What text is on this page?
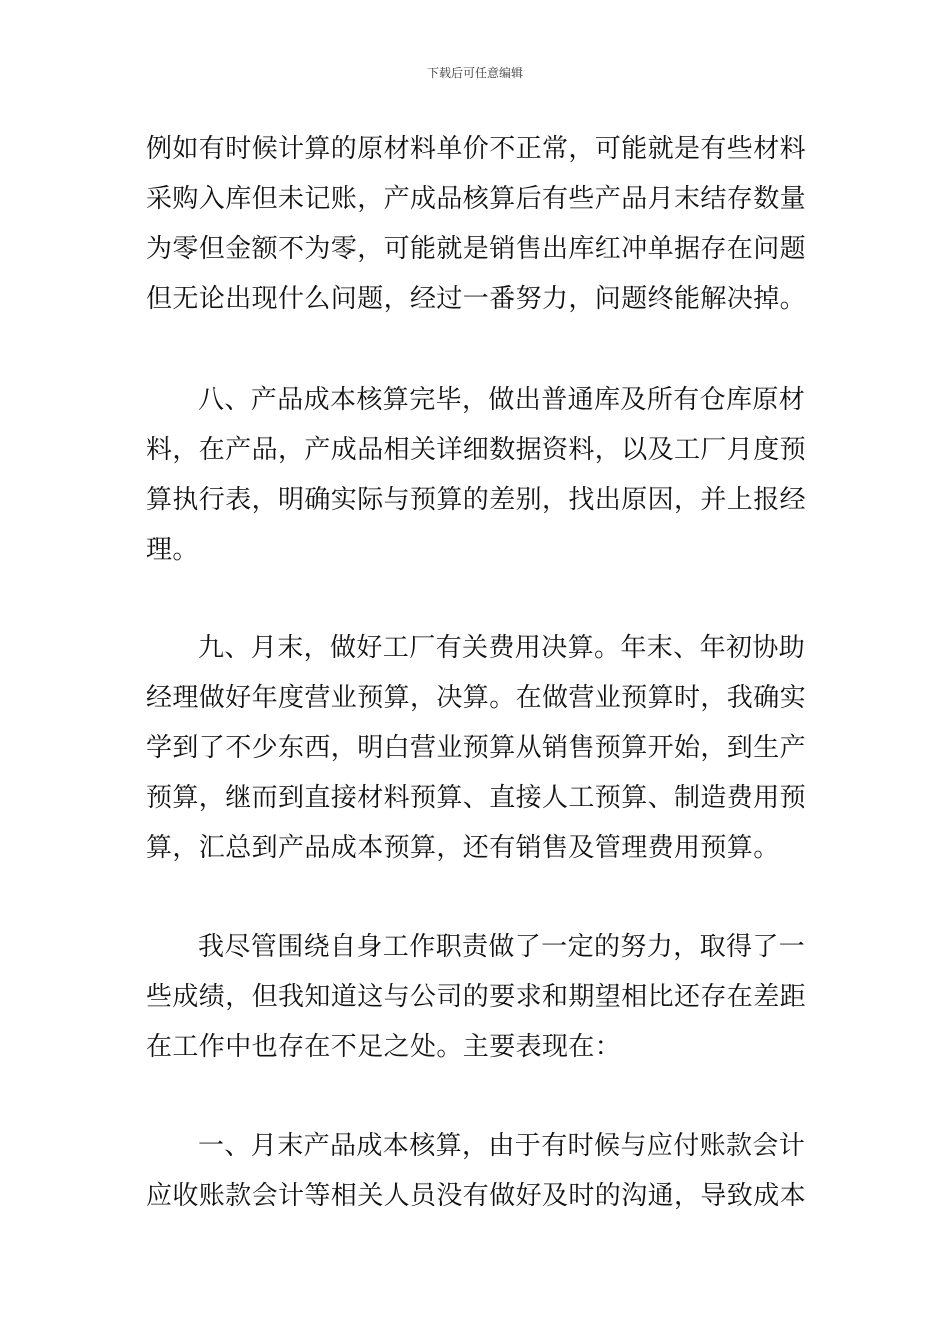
下载后可任意编辑
例如有时候计算的原材料单价不正常，可能就是有些材料
采购入库但未记账，产成品核算后有些产品月末结存数量
为零但金额不为零，可能就是销售出库红冲单据存在问题
但无论出现什么问题，经过一番努力，问题终能解决掉。
八、产品成本核算完毕，做出普通库及所有仓库原材
料，在产品，产成品相关详细数据资料，以及工厂月度预
算执行表，明确实际与预算的差别，找出原因，并上报经
理。
九、月末，做好工厂有关费用决算。年末、年初协助
经理做好年度营业预算，决算。在做营业预算时，我确实
学到了不少东西，明白营业预算从销售预算开始，到生产
预算，继而到直接材料预算、直接人工预算、制造费用预
算，汇总到产品成本预算，还有销售及管理费用预算。
我尽管围绕自身工作职责做了一定的努力，取得了一
些成绩，但我知道这与公司的要求和期望相比还存在差距
在工作中也存在不足之处。主要表现在：
一、月末产品成本核算，由于有时候与应付账款会计
应收账款会计等相关人员没有做好及时的沟通，导致成本
